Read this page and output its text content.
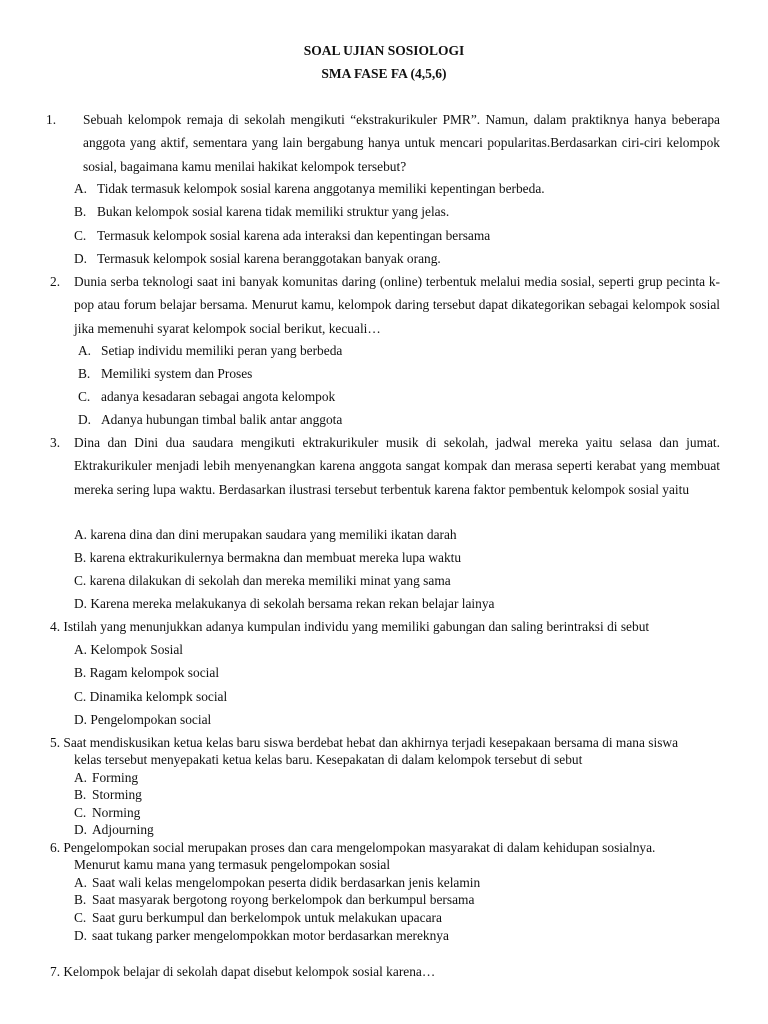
SOAL UJIAN SOSIOLOGI
SMA FASE FA (4,5,6)
1. Sebuah kelompok remaja di sekolah mengikuti “ekstrakurikuler PMR”. Namun, dalam praktiknya hanya beberapa anggota yang aktif, sementara yang lain bergabung hanya untuk mencari popularitas.Berdasarkan ciri-ciri kelompok sosial, bagaimana kamu menilai hakikat kelompok tersebut?
A. Tidak termasuk kelompok sosial karena anggotanya memiliki kepentingan berbeda.
B. Bukan kelompok sosial karena tidak memiliki struktur yang jelas.
C. Termasuk kelompok sosial karena ada interaksi dan kepentingan bersama
D. Termasuk kelompok sosial karena beranggotakan banyak orang.
2. Dunia serba teknologi saat ini banyak komunitas daring (online) terbentuk melalui media sosial, seperti grup pecinta k-pop atau forum belajar bersama. Menurut kamu, kelompok daring tersebut dapat dikategorikan sebagai kelompok sosial jika memenuhi syarat kelompok social berikut, kecuali…
A. Setiap individu memiliki peran yang berbeda
B. Memiliki system dan Proses
C. adanya kesadaran sebagai angota kelompok
D. Adanya hubungan timbal balik antar anggota
3. Dina dan Dini dua saudara mengikuti ektrakurikuler musik di sekolah, jadwal mereka yaitu selasa dan jumat. Ektrakurikuler menjadi lebih menyenangkan karena anggota sangat kompak dan merasa seperti kerabat yang membuat mereka sering lupa waktu. Berdasarkan ilustrasi tersebut terbentuk karena faktor pembentuk kelompok sosial yaitu
A. karena dina dan dini merupakan saudara yang memiliki ikatan darah
B. karena ektrakurikulernya bermakna dan membuat mereka lupa waktu
C. karena dilakukan di sekolah dan mereka memiliki minat yang sama
D. Karena mereka melakukanya di sekolah bersama rekan rekan belajar lainya
4. Istilah yang menunjukkan adanya kumpulan individu yang memiliki gabungan dan saling berintraksi di sebut
A. Kelompok Sosial
B. Ragam kelompok social
C. Dinamika kelompk social
D. Pengelompokan social
5. Saat mendiskusikan ketua kelas baru siswa berdebat hebat dan akhirnya terjadi kesepakaan bersama di mana siswa
kelas tersebut menyepakati ketua kelas baru. Kesepakatan di dalam kelompok tersebut di sebut
A. Forming
B. Storming
C. Norming
D. Adjourning
6. Pengelompokan social merupakan proses dan cara mengelompokan masyarakat di dalam kehidupan sosialnya.
Menurut kamu mana yang termasuk pengelompokan sosial
A. Saat wali kelas mengelompokan peserta didik berdasarkan jenis kelamin
B. Saat masyarak bergotong royong berkelompok dan berkumpul bersama
C. Saat guru berkumpul dan berkelompok untuk melakukan upacara
D. saat tukang parker mengelompokkan motor berdasarkan mereknya
7. Kelompok belajar di sekolah dapat disebut kelompok sosial karena…
